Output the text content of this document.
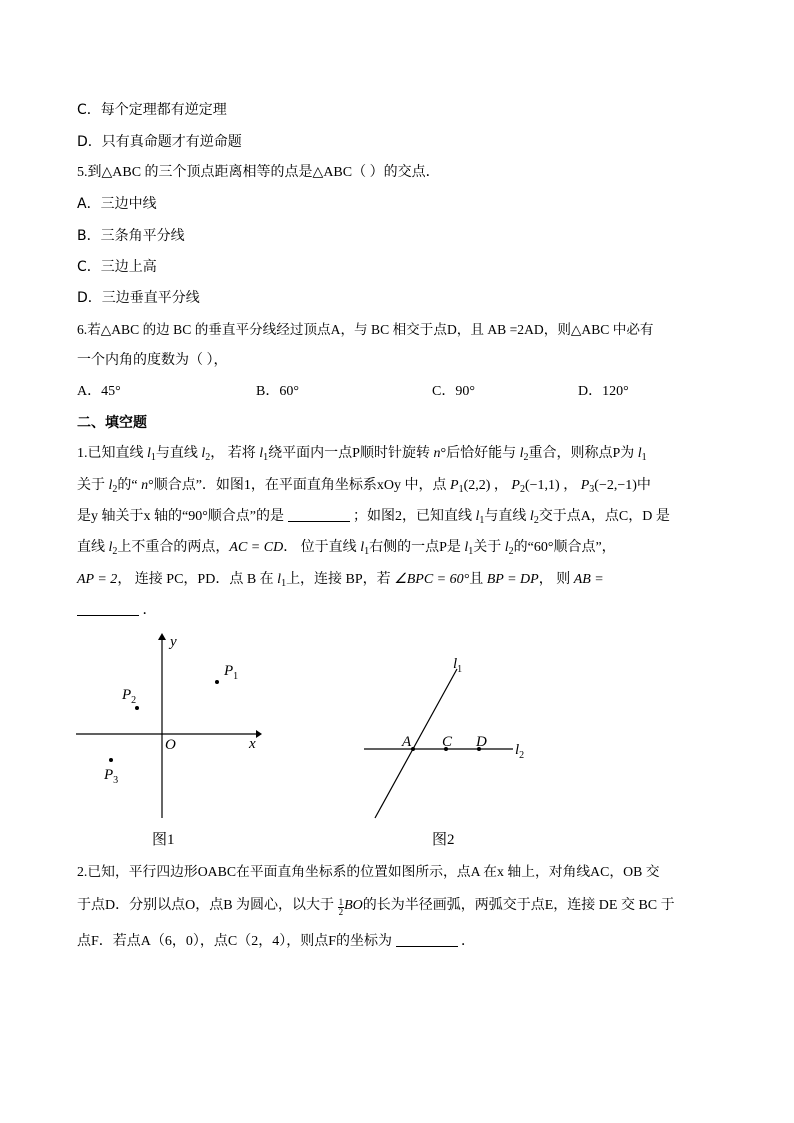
C．每个定理都有逆定理
D．只有真命题才有逆命题
5.到△ABC 的三个顶点距离相等的点是△ABC（ ）的交点．
A．三边中线
B．三条角平分线
C．三边上高
D．三边垂直平分线
6.若△ABC 的边 BC 的垂直平分线经过顶点A，与 BC 相交于点D，且 AB =2AD，则△ABC 中必有
一个内角的度数为（ ），
A．45°	B．60°	C．90°	D．120°
二、填空题
1.已知直线 $l_1$与直线 $l_2$， 若将 $l_1$绕平面内一点P顺时针旋转 n°后恰好能与 $l_2$重合，则称点P为 $l_1$
关于 $l_2$的“ n°顺合点”．如图1，在平面直角坐标系xOy 中，点 $P_1(2,2)$ ， $P_2(-1,1)$ ， $P_3(-2,-1)$中
是y 轴关于x 轴的“90°顺合点”的是	；如图2，已知直线 $l_1$与直线 $l_2$交于点A，点C，D 是
直线 $l_2$上不重合的两点，AC = CD． 位于直线 $l_1$右侧的一点P是 $l_1$关于 $l_2$的“60°顺合点”，
AP = 2， 连接 PC，PD．点 B 在 $l_1$上，连接 BP，若 ∠BPC = 60°且 BP = DP， 则 AB =
．
y
x
O
$P_1$
$P_2$
$P_3$
图1
$l_1$
$l_2$
A C D
图2
2.已知，平行四边形OABC在平面直角坐标系的位置如图所示，点A 在x 轴上，对角线AC，OB 交
于点D．分别以点O，点B 为圆心，以大于 $\frac{1}{2}$ BO的长为半径画弧，两弧交于点E，连接 DE 交 BC 于
点F．若点A（6，0），点C（2，4），则点F的坐标为	．
